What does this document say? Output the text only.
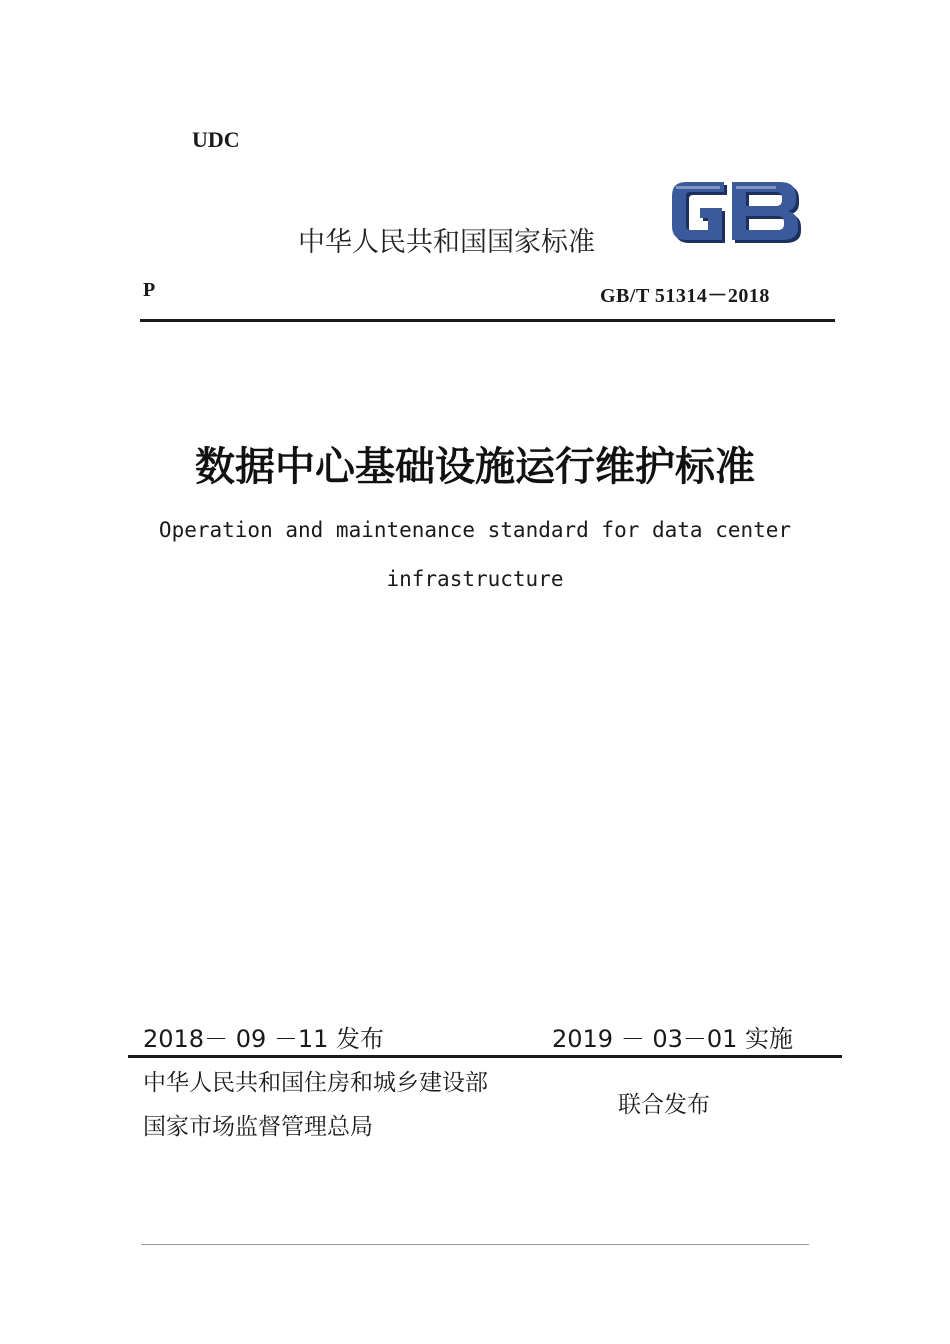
UDC
中华人民共和国国家标准
P	GB/T 51314－2018
数据中心基础设施运行维护标准
Operation and maintenance standard for data center
infrastructure
2018－ 09 －11 发布	2019 － 03－01 实施
中华人民共和国住房和城乡建设部
国家市场监督管理总局
联合发布
